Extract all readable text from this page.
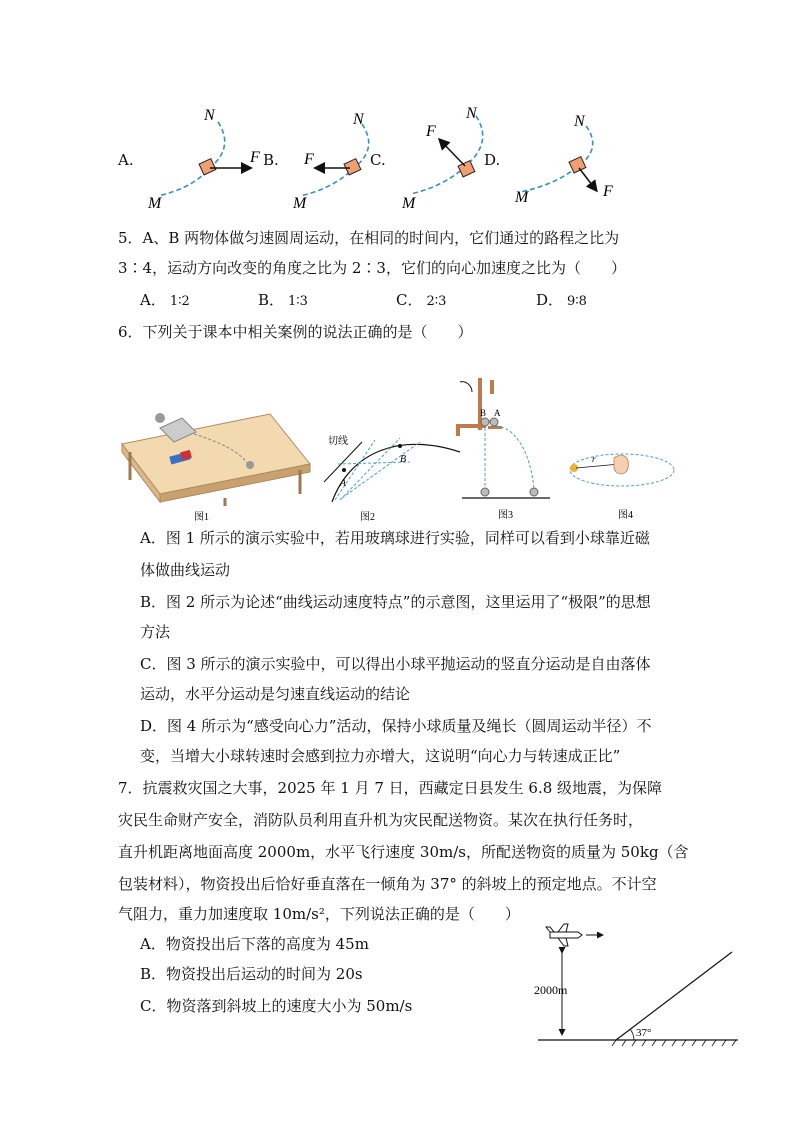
A.	B.	C.	D.
N
M
F
N
M
F
N
M
F
N
M	F
5．A、B 两物体做匀速圆周运动，在相同的时间内，它们通过的路程之比为
3∶4，运动方向改变的角度之比为 2∶3，它们的向心加速度之比为（　　）
A． 1∶2	B． 1∶3	C． 2∶3	D． 9∶8
6．下列关于课本中相关案例的说法正确的是（　　）
图1
切线
A
B
图2
B A
图3
r
图4
A．图 1 所示的演示实验中，若用玻璃球进行实验，同样可以看到小球靠近磁
体做曲线运动
B．图 2 所示为论述“曲线运动速度特点”的示意图，这里运用了“极限”的思想
方法
C．图 3 所示的演示实验中，可以得出小球平抛运动的竖直分运动是自由落体
运动，水平分运动是匀速直线运动的结论
D．图 4 所示为“感受向心力”活动，保持小球质量及绳长（圆周运动半径）不
变，当增大小球转速时会感到拉力亦增大，这说明“向心力与转速成正比”
7．抗震救灾国之大事，2025 年 1 月 7 日，西藏定日县发生 6.8 级地震，为保障
灾民生命财产安全，消防队员利用直升机为灾民配送物资。某次在执行任务时，
直升机距离地面高度 2000m，水平飞行速度 30m/s，所配送物资的质量为 50kg（含
包装材料），物资投出后恰好垂直落在一倾角为 37° 的斜坡上的预定地点。不计空
气阻力，重力加速度取 10m/s²，下列说法正确的是（　　）
A．物资投出后下落的高度为 45m
B．物资投出后运动的时间为 20s
C．物资落到斜坡上的速度大小为 50m/s
2000m
37°
